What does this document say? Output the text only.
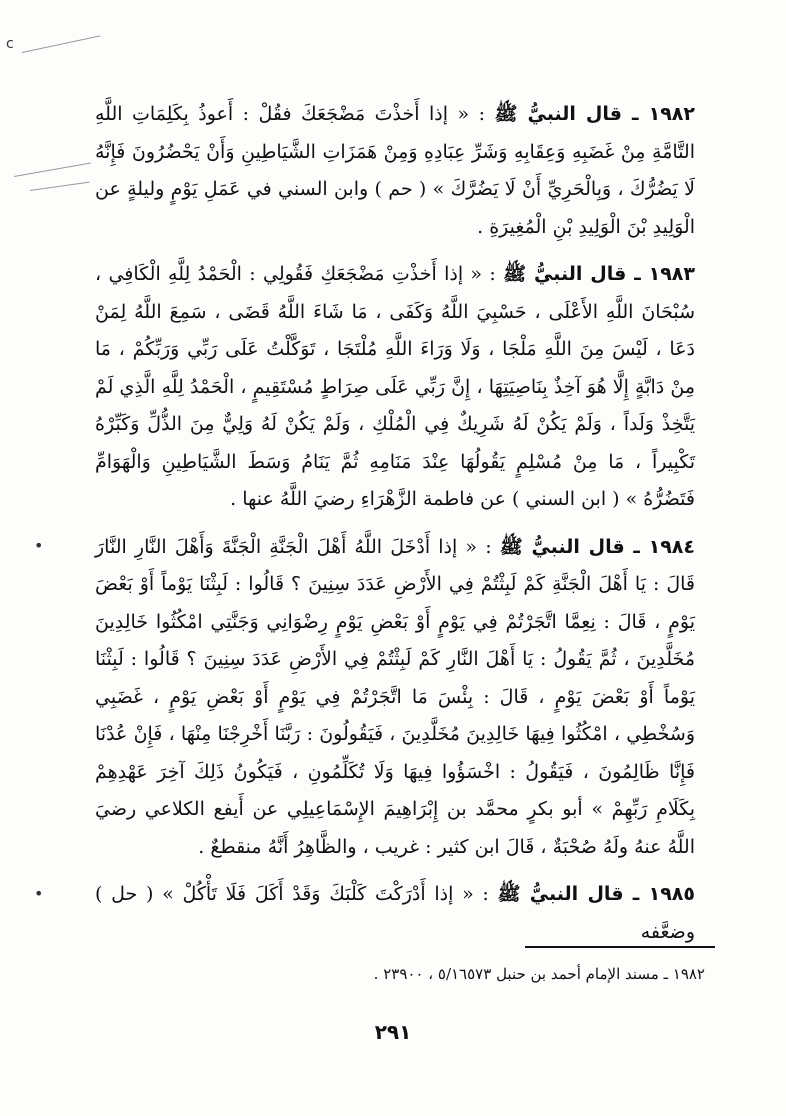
c
•
•

١٩٨٢ ـ قال النبيُّ ﷺ : « إذا أَخذْتَ مَضْجَعَكَ فقُلْ : أَعوذُ بِكَلِمَاتِ اللَّهِ التَّامَّةِ مِنْ غَضَبِهِ وَعِقَابِهِ وَشَرِّ عِبَادِهِ وَمِنْ هَمَزَاتِ الشَّيَاطِينِ وَأَنْ يَحْضُرُونَ فَإِنَّهُ لَا يَضُرُّكَ ، وَبِالْحَرِيِّ أَنْ لَا يَضُرَّكَ » ( حم ) وابن السني في عَمَلِ يَوْمٍ وليلةٍ عن الْوَلِيدِ بْنَ الْوَلِيدِ بْنِ الْمُغِيرَةِ .

١٩٨٣ ـ قال النبيُّ ﷺ : « إذا أَخذْتِ مَضْجَعَكِ فَقُولِي : الْحَمْدُ لِلَّهِ الْكَافِي ، سُبْحَانَ اللَّهِ الأَعْلَى ، حَسْبِيَ اللَّهُ وَكَفَى ، مَا شَاءَ اللَّهُ قَضَى ، سَمِعَ اللَّهُ لِمَنْ دَعَا ، لَيْسَ مِنَ اللَّهِ مَلْجَا ، وَلَا وَرَاءَ اللَّهِ مُلْتَجَا ، تَوَكَّلْتُ عَلَى رَبِّي وَرَبِّكُمْ ، مَا مِنْ دَابَّةٍ إِلَّا هُوَ آخِذٌ بِنَاصِيَتِهَا ، إِنَّ رَبِّي عَلَى صِرَاطٍ مُسْتَقِيمٍ ، الْحَمْدُ لِلَّهِ الَّذِي لَمْ يَتَّخِذْ وَلَداً ، وَلَمْ يَكُنْ لَهُ شَرِيكٌ فِي الْمُلْكِ ، وَلَمْ يَكُنْ لَهُ وَلِيٌّ مِنَ الذُّلِّ وَكَبِّرْهُ تَكْبِيراً ، مَا مِنْ مُسْلِمٍ يَقُولُهَا عِنْدَ مَنَامِهِ ثُمَّ يَنَامُ وَسَطَ الشَّيَاطِينِ وَالْهَوَامِّ فَتَضُرُّهُ » ( ابن السني ) عن فاطمة الزَّهْرَاءِ رضيَ اللَّهُ عنها .

١٩٨٤ ـ قال النبيُّ ﷺ : « إذا أَدْخَلَ اللَّهُ أَهْلَ الْجَنَّةِ الْجَنَّةَ وَأَهْلَ النَّارِ النَّارَ قَالَ : يَا أَهْلَ الْجَنَّةِ كَمْ لَبِثْتُمْ فِي الأَرْضِ عَدَدَ سِنِينَ ؟ قَالُوا : لَبِثْنَا يَوْماً أَوْ بَعْضَ يَوْمٍ ، قَالَ : نِعِمَّا اتَّجَرْتُمْ فِي يَوْمٍ أَوْ بَعْضِ يَوْمٍ رِضْوَانِي وَجَنَّتِي امْكُثُوا خَالِدِينَ مُخَلَّدِينَ ، ثُمَّ يَقُولُ : يَا أَهْلَ النَّارِ كَمْ لَبِثْتُمْ فِي الأَرْضِ عَدَدَ سِنِينَ ؟ قَالُوا : لَبِثْنَا يَوْماً أَوْ بَعْضَ يَوْمٍ ، قَالَ : بِئْسَ مَا اتَّجَرْتُمْ فِي يَوْمٍ أَوْ بَعْضِ يَوْمٍ ، غَضَبِي وَسُخْطِي ، امْكُثُوا فِيهَا خَالِدِينَ مُخَلَّدِينَ ، فَيَقُولُونَ : رَبَّنَا أَخْرِجْنَا مِنْهَا ، فَإِنْ عُدْنَا فَإِنَّا ظَالِمُونَ ، فَيَقُولُ : اخْسَؤُوا فِيهَا وَلَا تُكَلِّمُونِ ، فَيَكُونُ ذَلِكَ آخِرَ عَهْدِهِمْ بِكَلَامِ رَبِّهِمْ » أبو بكرٍ محمَّد بن إِبْرَاهِيمَ الإِسْمَاعِيلِي عن أَيفع الكلاعي رضيَ اللَّهُ عنهُ ولَهُ صُحْبَةٌ ، قَالَ ابن كثير : غريب ، والظَّاهِرُ أَنَّهُ منقطعٌ .

١٩٨٥ ـ قال النبيُّ ﷺ : « إذا أَدْرَكْتَ كَلْبَكَ وَقَدْ أَكَلَ فَلَا تَأْكُلْ » ( حل ) وضعَّفه

١٩٨٢ ـ مسند الإمام أحمد بن حنبل ٥/١٦٥٧٣ ، ٢٣٩٠٠ .
٢٩١
